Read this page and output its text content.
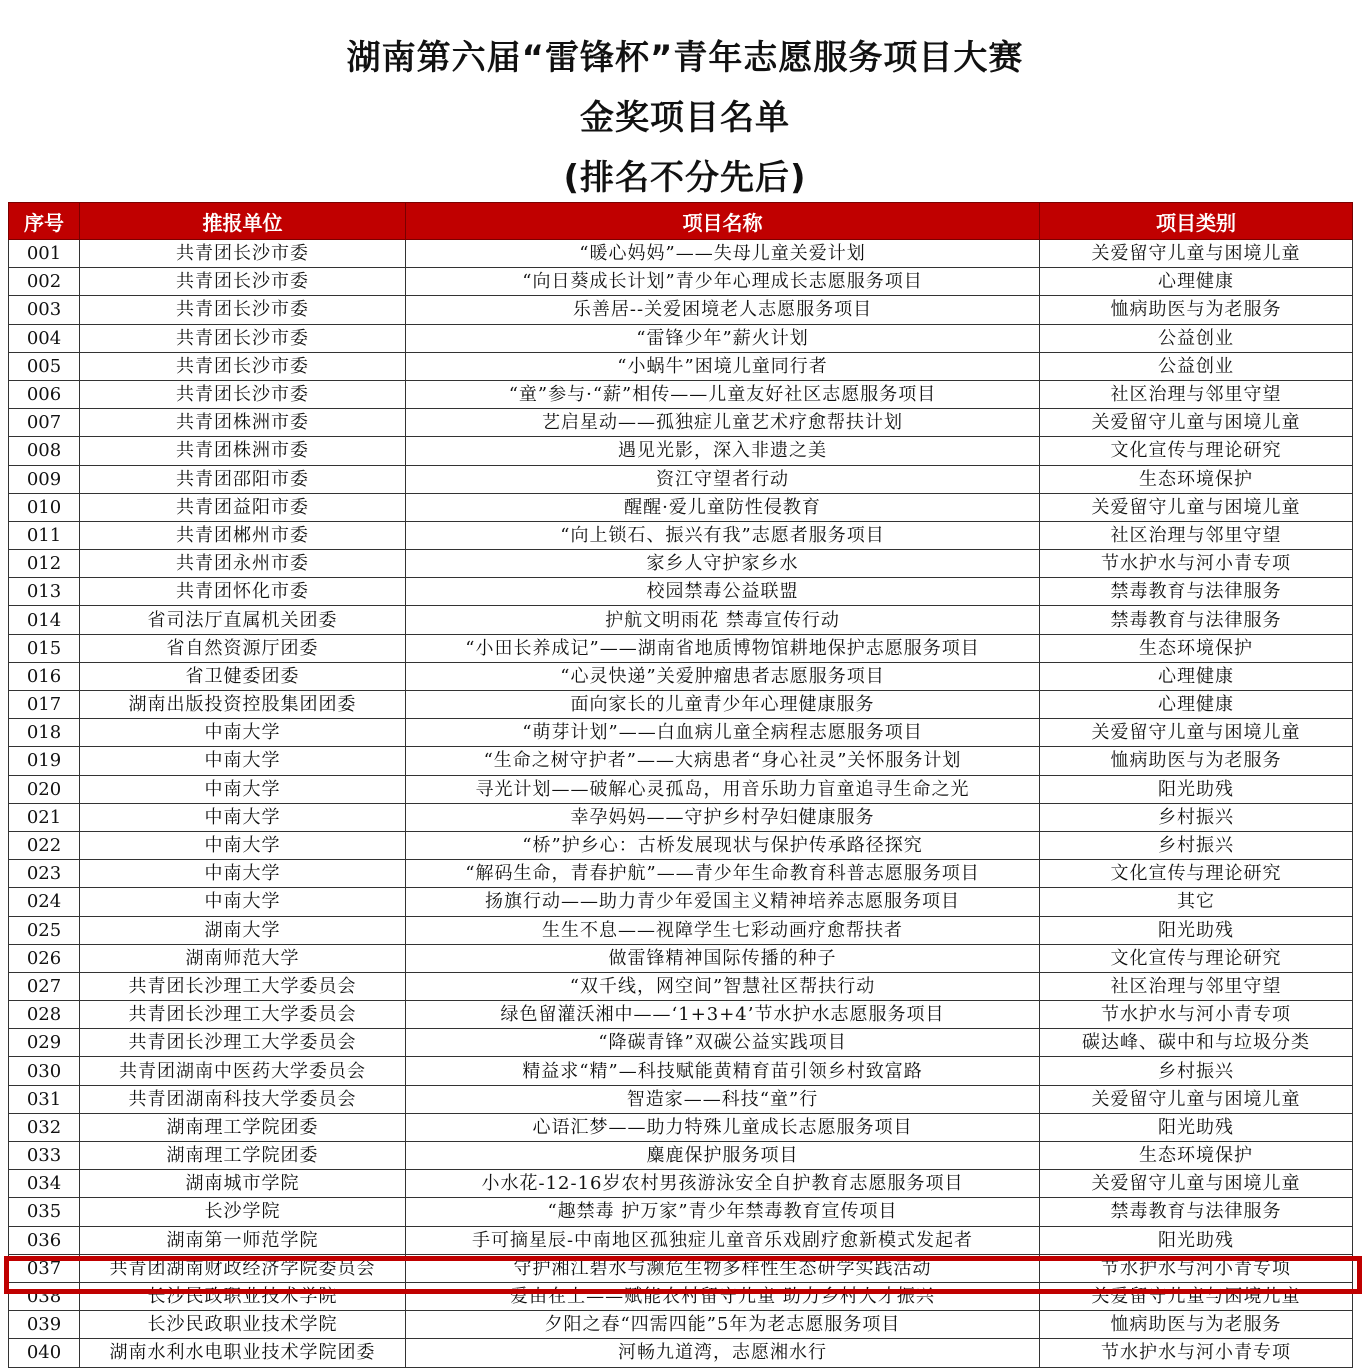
湖南第六届“雷锋杯”青年志愿服务项目大赛
金奖项目名单
(排名不分先后)
序号	推报单位	项目名称	项目类别
001	共青团长沙市委	“暖心妈妈”——失母儿童关爱计划	关爱留守儿童与困境儿童
002	共青团长沙市委	“向日葵成长计划”青少年心理成长志愿服务项目	心理健康
003	共青团长沙市委	乐善居--关爱困境老人志愿服务项目	恤病助医与为老服务
004	共青团长沙市委	“雷锋少年”薪火计划	公益创业
005	共青团长沙市委	“小蜗牛”困境儿童同行者	公益创业
006	共青团长沙市委	“童”参与·“薪”相传——儿童友好社区志愿服务项目	社区治理与邻里守望
007	共青团株洲市委	艺启星动——孤独症儿童艺术疗愈帮扶计划	关爱留守儿童与困境儿童
008	共青团株洲市委	遇见光影，深入非遗之美	文化宣传与理论研究
009	共青团邵阳市委	资江守望者行动	生态环境保护
010	共青团益阳市委	醒醒·爱儿童防性侵教育	关爱留守儿童与困境儿童
011	共青团郴州市委	“向上锁石、振兴有我”志愿者服务项目	社区治理与邻里守望
012	共青团永州市委	家乡人守护家乡水	节水护水与河小青专项
013	共青团怀化市委	校园禁毒公益联盟	禁毒教育与法律服务
014	省司法厅直属机关团委	护航文明雨花 禁毒宣传行动	禁毒教育与法律服务
015	省自然资源厅团委	“小田长养成记”——湖南省地质博物馆耕地保护志愿服务项目	生态环境保护
016	省卫健委团委	“心灵快递”关爱肿瘤患者志愿服务项目	心理健康
017	湖南出版投资控股集团团委	面向家长的儿童青少年心理健康服务	心理健康
018	中南大学	“萌芽计划”——白血病儿童全病程志愿服务项目	关爱留守儿童与困境儿童
019	中南大学	“生命之树守护者”——大病患者“身心社灵”关怀服务计划	恤病助医与为老服务
020	中南大学	寻光计划——破解心灵孤岛，用音乐助力盲童追寻生命之光	阳光助残
021	中南大学	幸孕妈妈——守护乡村孕妇健康服务	乡村振兴
022	中南大学	“桥”护乡心：古桥发展现状与保护传承路径探究	乡村振兴
023	中南大学	“解码生命，青春护航”——青少年生命教育科普志愿服务项目	文化宣传与理论研究
024	中南大学	扬旗行动——助力青少年爱国主义精神培养志愿服务项目	其它
025	湖南大学	生生不息——视障学生七彩动画疗愈帮扶者	阳光助残
026	湖南师范大学	做雷锋精神国际传播的种子	文化宣传与理论研究
027	共青团长沙理工大学委员会	“双千线，网空间”智慧社区帮扶行动	社区治理与邻里守望
028	共青团长沙理工大学委员会	绿色留灌沃湘中——‘1+3+4’节水护水志愿服务项目	节水护水与河小青专项
029	共青团长沙理工大学委员会	“降碳青锋”双碳公益实践项目	碳达峰、碳中和与垃圾分类
030	共青团湖南中医药大学委员会	精益求“精”—科技赋能黄精育苗引领乡村致富路	乡村振兴
031	共青团湖南科技大学委员会	智造家——科技“童”行	关爱留守儿童与困境儿童
032	湖南理工学院团委	心语汇梦——助力特殊儿童成长志愿服务项目	阳光助残
033	湖南理工学院团委	麋鹿保护服务项目	生态环境保护
034	湖南城市学院	小水花-12-16岁农村男孩游泳安全自护教育志愿服务项目	关爱留守儿童与困境儿童
035	长沙学院	“趣禁毒 护万家”青少年禁毒教育宣传项目	禁毒教育与法律服务
036	湖南第一师范学院	手可摘星辰-中南地区孤独症儿童音乐戏剧疗愈新模式发起者	阳光助残
037	共青团湖南财政经济学院委员会	守护湘江碧水与濒危生物多样性生态研学实践活动	节水护水与河小青专项
038	长沙民政职业技术学院	爱由在上——赋能农村留守儿童 助力乡村人才振兴	关爱留守儿童与困境儿童
039	长沙民政职业技术学院	夕阳之春“四需四能”5年为老志愿服务项目	恤病助医与为老服务
040	湖南水利水电职业技术学院团委	河畅九道湾，志愿湘水行	节水护水与河小青专项
